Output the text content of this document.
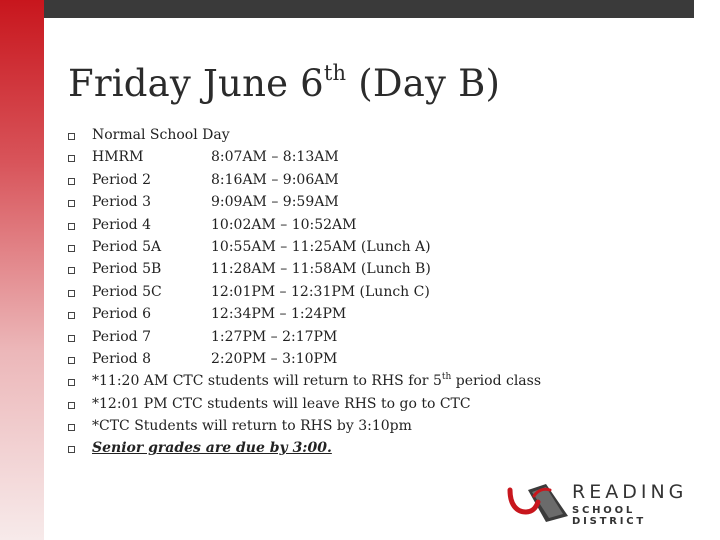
Friday June 6th (Day B)
Normal School Day
HMRM	8:07AM – 8:13AM
Period 2	8:16AM – 9:06AM
Period 3	9:09AM – 9:59AM
Period 4	10:02AM – 10:52AM
Period 5A	10:55AM – 11:25AM (Lunch A)
Period 5B	11:28AM – 11:58AM (Lunch B)
Period 5C	12:01PM – 12:31PM (Lunch C)
Period 6	12:34PM – 1:24PM
Period 7	1:27PM – 2:17PM
Period 8	2:20PM – 3:10PM
*11:20 AM CTC students will return to RHS for 5th period class
*12:01 PM CTC students will leave RHS to go to CTC
*CTC Students will return to RHS by 3:10pm
Senior grades are due by 3:00.
READING
SCHOOL DISTRICT
